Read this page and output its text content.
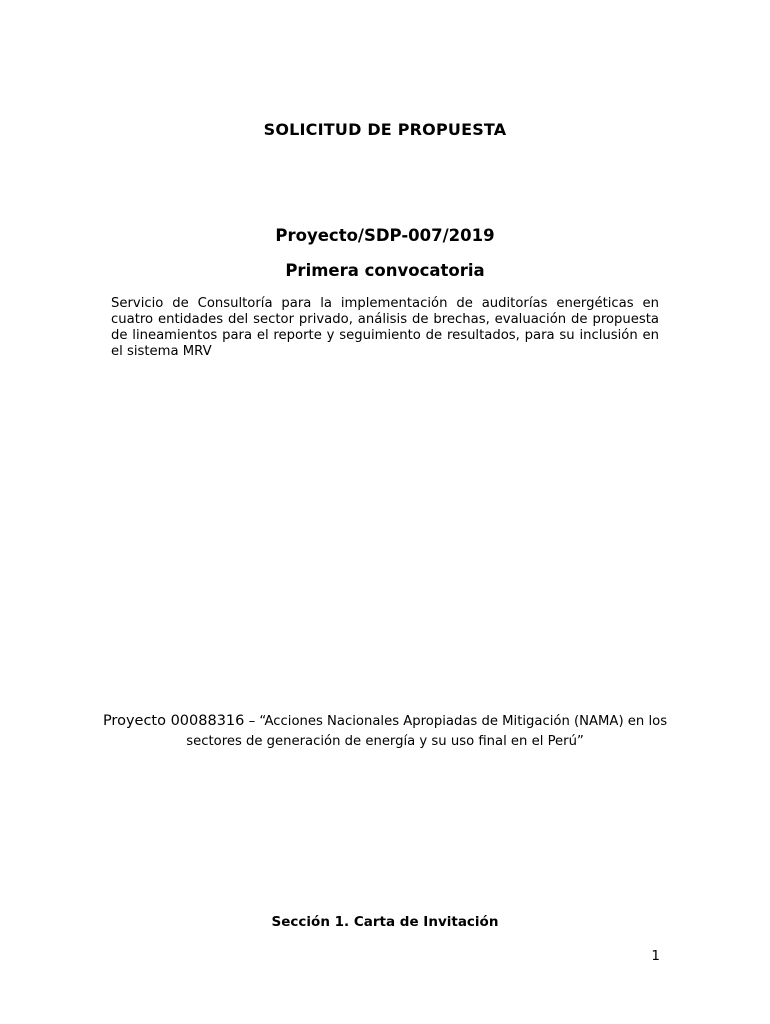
SOLICITUD DE PROPUESTA
Proyecto/SDP-007/2019
Primera convocatoria
Servicio de Consultoría para la implementación de auditorías energéticas en cuatro entidades del sector privado, análisis de brechas, evaluación de propuesta de lineamientos para el reporte y seguimiento de resultados, para su inclusión en el sistema MRV
Proyecto 00088316 – “Acciones Nacionales Apropiadas de Mitigación (NAMA) en los sectores de generación de energía y su uso final en el Perú”
Sección 1. Carta de Invitación
1
